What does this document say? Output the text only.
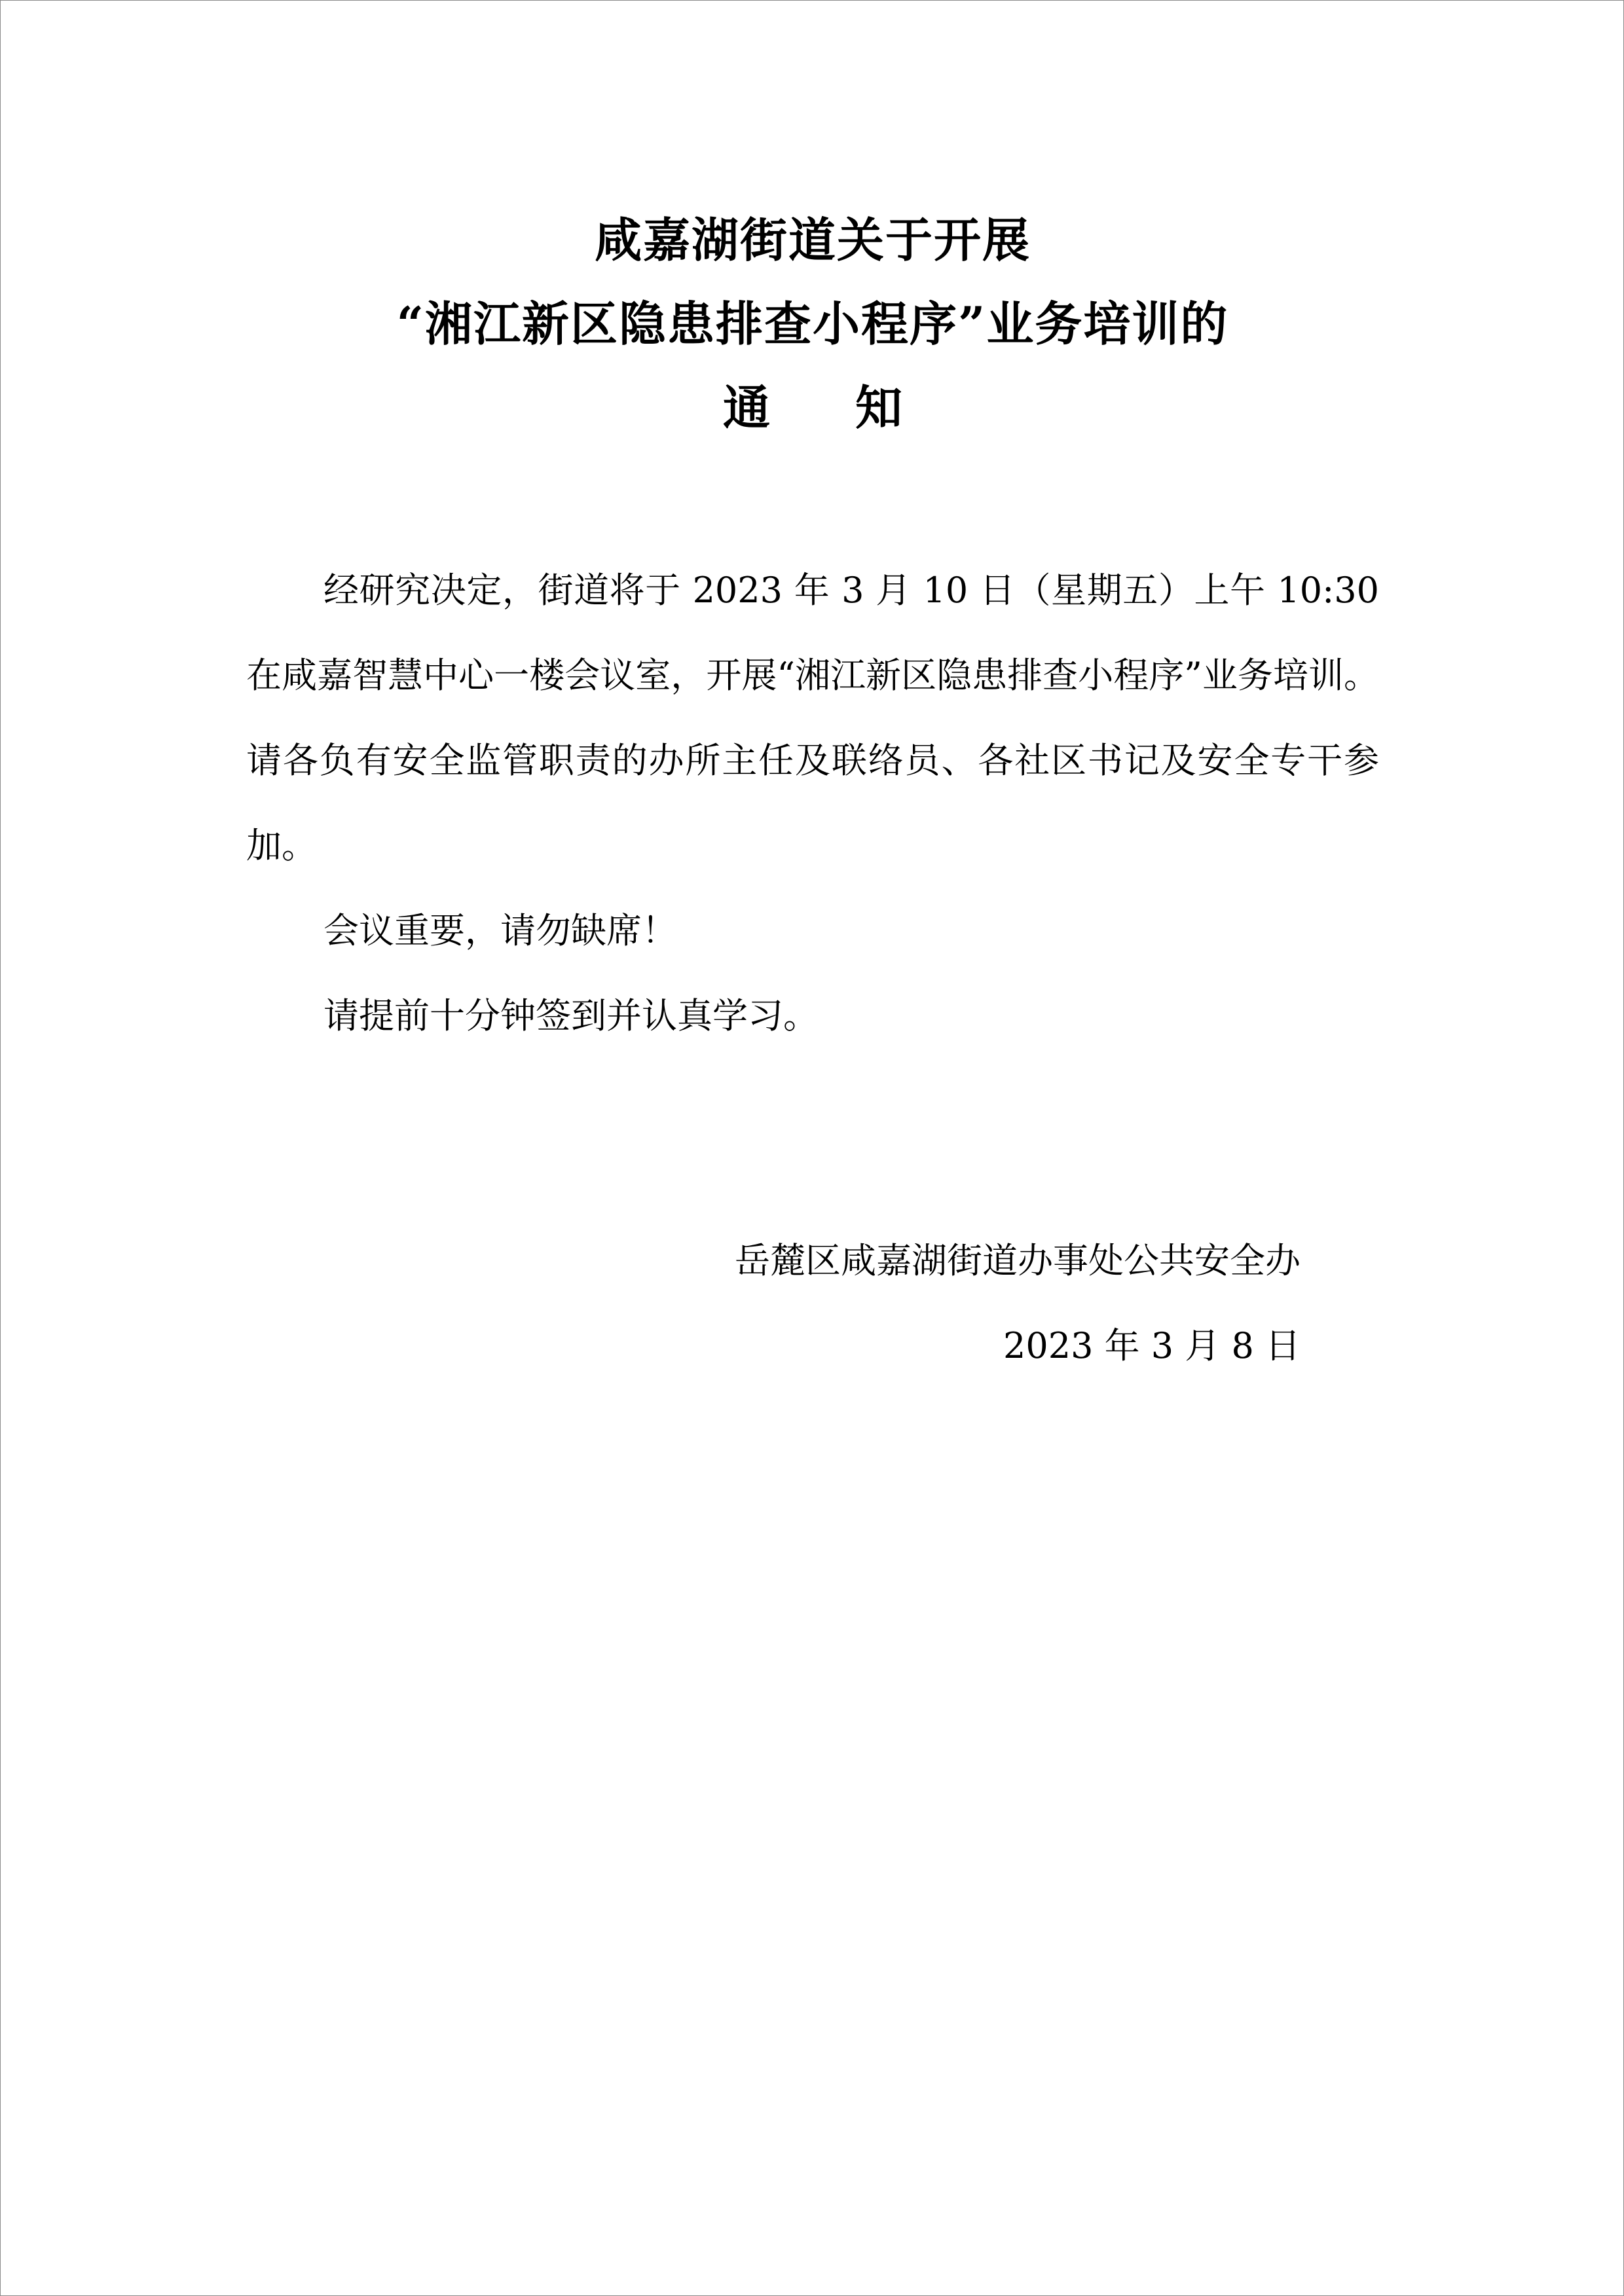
咸嘉湖街道关于开展
“湘江新区隐患排查小程序”业务培训的
通 知

经研究决定，街道将于 2023 年 3 月 10 日（星期五）上午 10:30 在咸嘉智慧中心一楼会议室，开展“湘江新区隐患排查小程序”业务培训。请各负有安全监管职责的办所主任及联络员、各社区书记及安全专干参加。

会议重要，请勿缺席！

请提前十分钟签到并认真学习。

岳麓区咸嘉湖街道办事处公共安全办

2023 年 3 月 8 日
